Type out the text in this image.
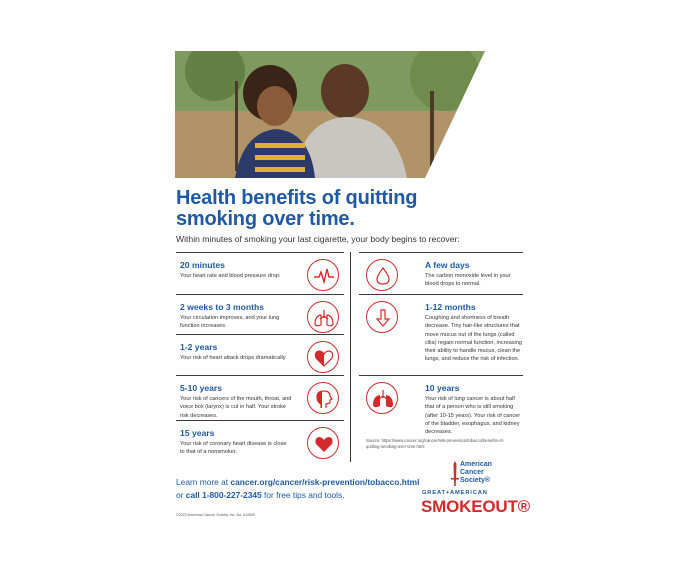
Health benefits of quitting smoking over time.
Within minutes of smoking your last cigarette, your body begins to recover:
20 minutes
Your heart rate and blood pressure drop.
2 weeks to 3 months
Your circulation improves, and your lung function increases.
1-2 years
Your risk of heart attack drops dramatically.
5-10 years
Your risk of cancers of the mouth, throat, and voice box (larynx) is cut in half. Your stroke risk decreases.
15 years
Your risk of coronary heart disease is close to that of a nonsmoker.
A few days
The carbon monoxide level in your blood drops to normal.
1-12 months
Coughing and shortness of breath decrease. Tiny hair-like structures that move mucus out of the lungs (called cilia) regain normal function, increasing their ability to handle mucus, clean the lungs, and reduce the risk of infection.
10 years
Your risk of lung cancer is about half that of a person who is still smoking (after 10-15 years). Your risk of cancer of the bladder, esophagus, and kidney decreases.
Source: https://www.cancer.org/cancer/risk-prevention/tobacco/benefits-of-quitting-smoking-over-time.html
Learn more at cancer.org/cancer/risk-prevention/tobacco.html
or call 1-800-227-2345 for free tips and tools.
©2023 American Cancer Society, Inc. No. 012600
American
Cancer
Society®
GREAT+AMERICAN
SMOKEOUT®
